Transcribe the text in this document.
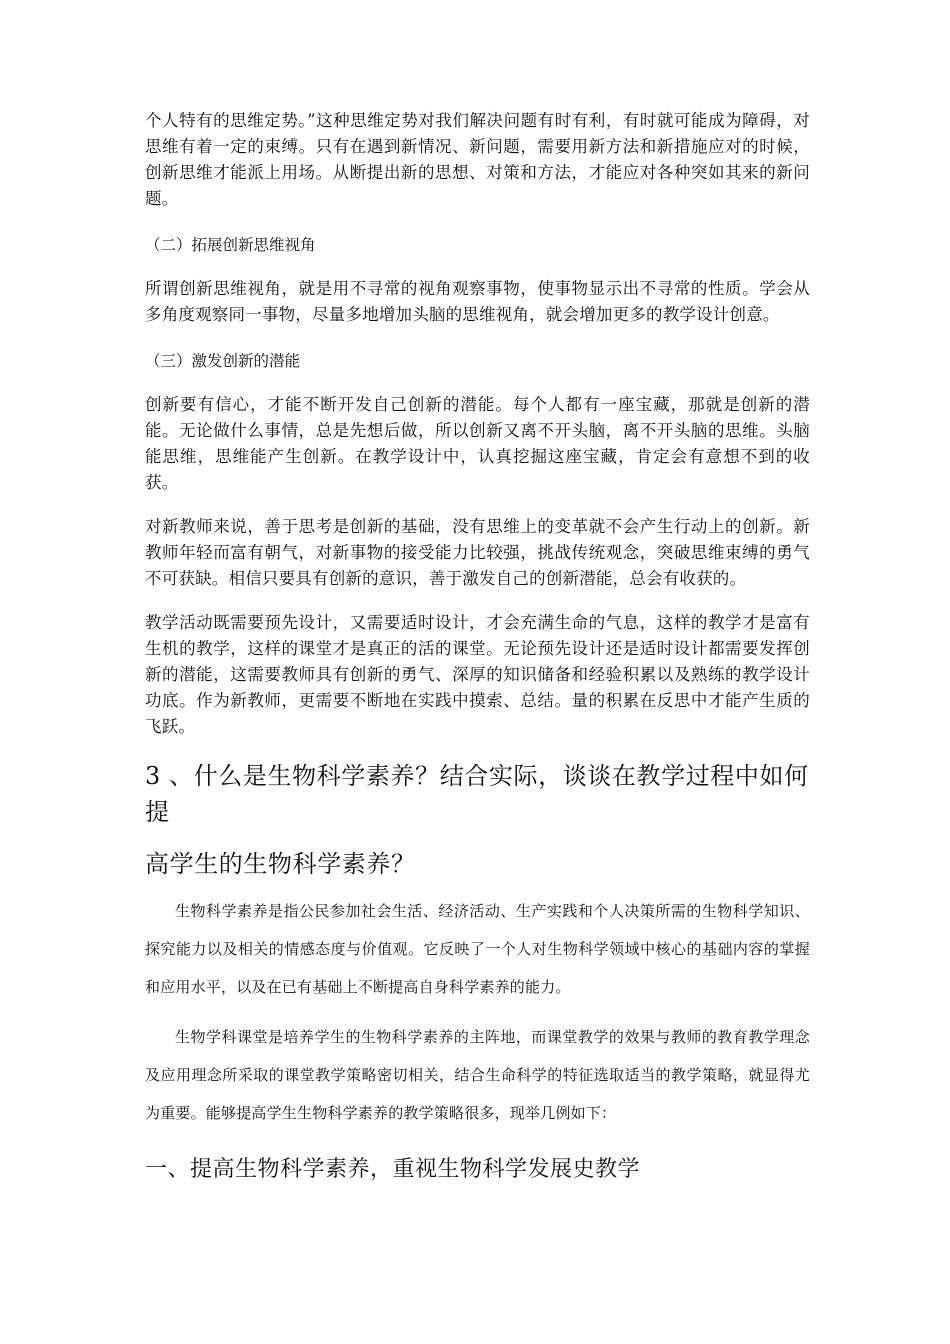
个人特有的思维定势。”这种思维定势对我们解决问题有时有利，有时就可能成为障碍，对思维有着一定的束缚。只有在遇到新情况、新问题，需要用新方法和新措施应对的时候，创新思维才能派上用场。从断提出新的思想、对策和方法，才能应对各种突如其来的新问题。

（二）拓展创新思维视角

所谓创新思维视角，就是用不寻常的视角观察事物，使事物显示出不寻常的性质。学会从多角度观察同一事物，尽量多地增加头脑的思维视角，就会增加更多的教学设计创意。

（三）激发创新的潜能

创新要有信心，才能不断开发自己创新的潜能。每个人都有一座宝藏，那就是创新的潜能。无论做什么事情，总是先想后做，所以创新又离不开头脑，离不开头脑的思维。头脑能思维，思维能产生创新。在教学设计中，认真挖掘这座宝藏，肯定会有意想不到的收获。

对新教师来说，善于思考是创新的基础，没有思维上的变革就不会产生行动上的创新。新教师年轻而富有朝气，对新事物的接受能力比较强，挑战传统观念，突破思维束缚的勇气不可获缺。相信只要具有创新的意识，善于激发自己的创新潜能，总会有收获的。

教学活动既需要预先设计，又需要适时设计，才会充满生命的气息，这样的教学才是富有生机的教学，这样的课堂才是真正的活的课堂。无论预先设计还是适时设计都需要发挥创新的潜能，这需要教师具有创新的勇气、深厚的知识储备和经验积累以及熟练的教学设计功底。作为新教师，更需要不断地在实践中摸索、总结。量的积累在反思中才能产生质的飞跃。

3 、什么是生物科学素养？结合实际，谈谈在教学过程中如何提

高学生的生物科学素养？

生物科学素养是指公民参加社会生活、经济活动、生产实践和个人决策所需的生物科学知识、探究能力以及相关的情感态度与价值观。它反映了一个人对生物科学领域中核心的基础内容的掌握和应用水平，以及在已有基础上不断提高自身科学素养的能力。

生物学科课堂是培养学生的生物科学素养的主阵地，而课堂教学的效果与教师的教育教学理念及应用理念所采取的课堂教学策略密切相关，结合生命科学的特征选取适当的教学策略，就显得尤为重要。能够提高学生生物科学素养的教学策略很多，现举几例如下：

一、提高生物科学素养，重视生物科学发展史教学
